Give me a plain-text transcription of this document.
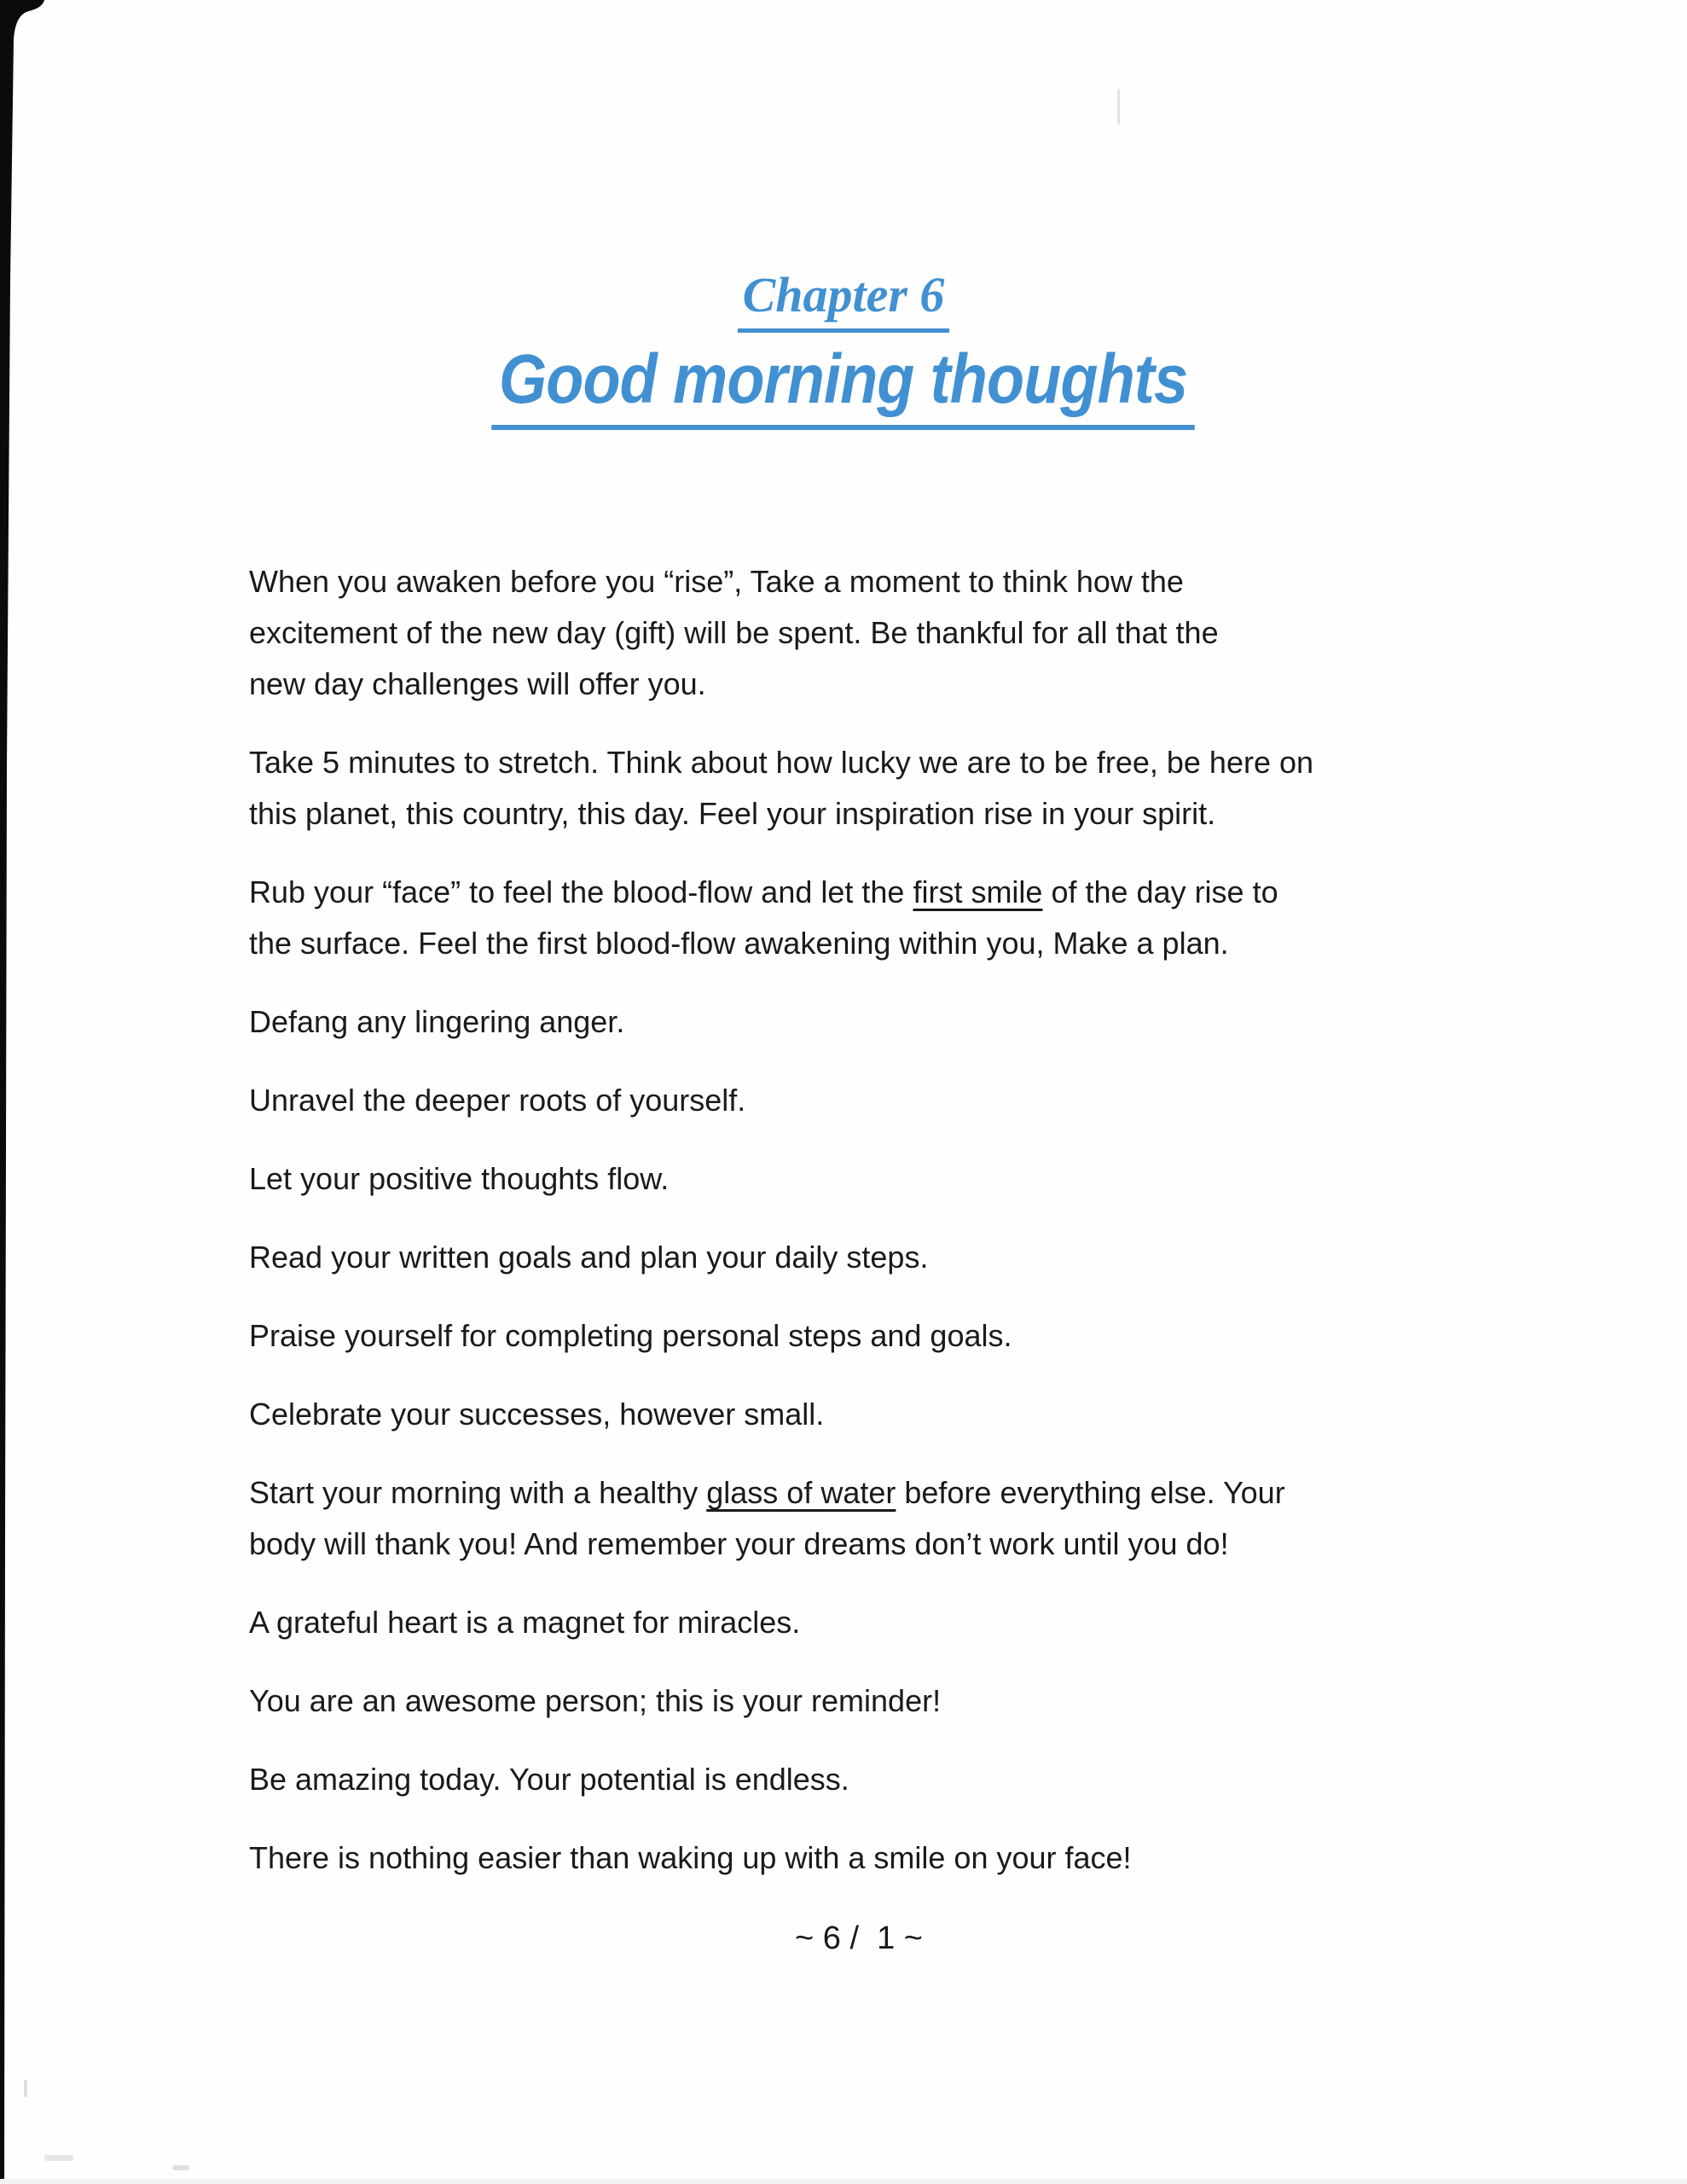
Chapter 6
Good morning thoughts

When you awaken before you “rise”, Take a moment to think how the
excitement of the new day (gift) will be spent. Be thankful for all that the
new day challenges will offer you.

Take 5 minutes to stretch. Think about how lucky we are to be free, be here on
this planet, this country, this day. Feel your inspiration rise in your spirit.

Rub your “face” to feel the blood-flow and let the first smile of the day rise to
the surface. Feel the first blood-flow awakening within you, Make a plan.

Defang any lingering anger.

Unravel the deeper roots of yourself.

Let your positive thoughts flow.

Read your written goals and plan your daily steps.

Praise yourself for completing personal steps and goals.

Celebrate your successes, however small.

Start your morning with a healthy glass of water before everything else. Your
body will thank you! And remember your dreams don’t work until you do!

A grateful heart is a magnet for miracles.

You are an awesome person; this is your reminder!

Be amazing today. Your potential is endless.

There is nothing easier than waking up with a smile on your face!

~ 6 /  1 ~
